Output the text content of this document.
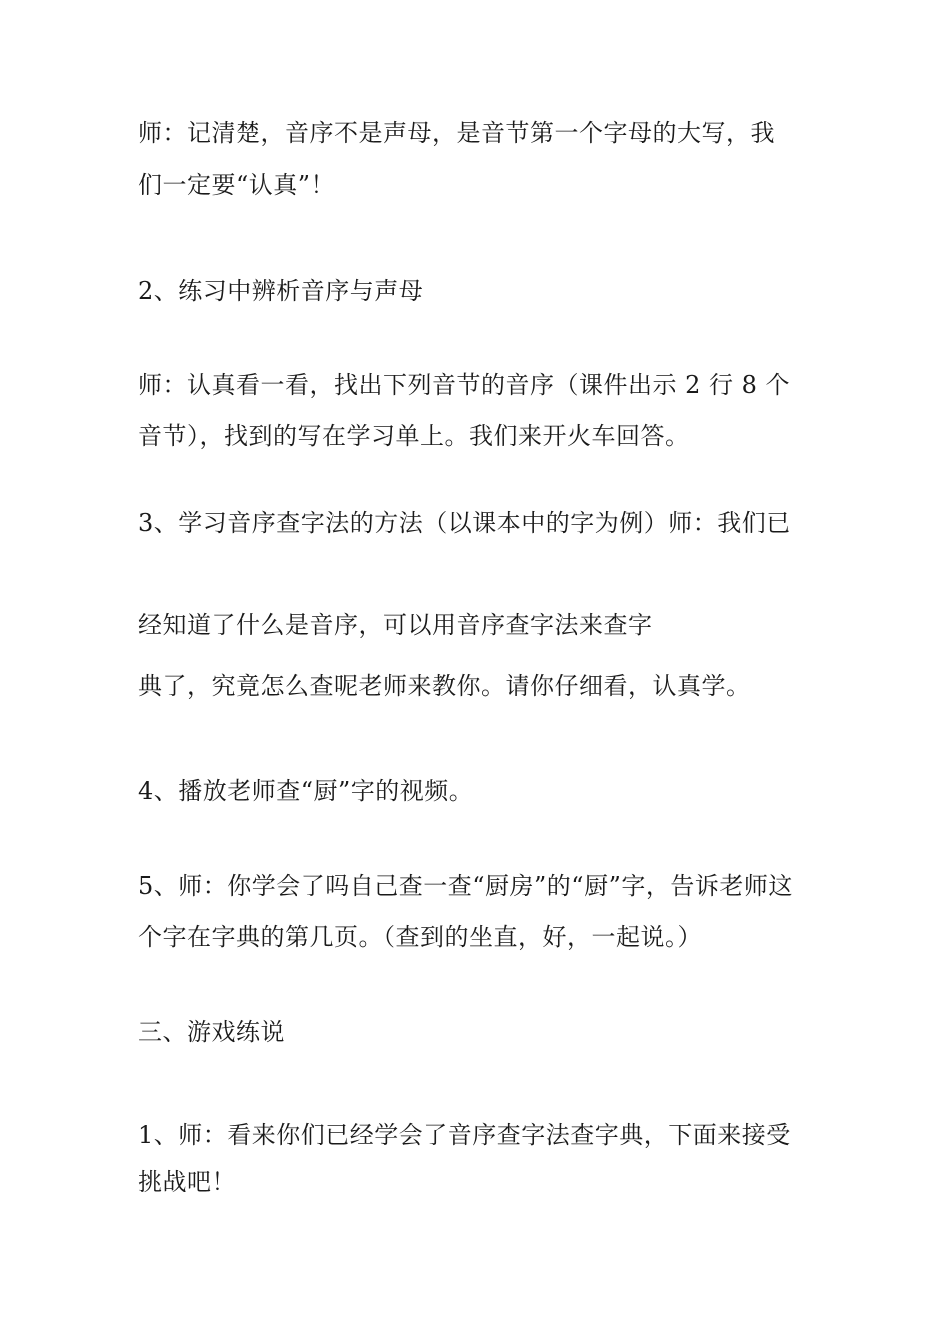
师：记清楚，音序不是声母，是音节第一个字母的大写，我
们一定要“认真”！
2、练习中辨析音序与声母
师：认真看一看，找出下列音节的音序（课件出示 2 行 8 个
音节），找到的写在学习单上。我们来开火车回答。
3、学习音序查字法的方法（以课本中的字为例）师：我们已
经知道了什么是音序，可以用音序查字法来查字
典了，究竟怎么查呢老师来教你。请你仔细看，认真学。
4、播放老师查“厨”字的视频。
5、师：你学会了吗自己查一查“厨房”的“厨”字，告诉老师这
个字在字典的第几页。（查到的坐直，好，一起说。）
三、游戏练说
1、师：看来你们已经学会了音序查字法查字典，下面来接受
挑战吧！
